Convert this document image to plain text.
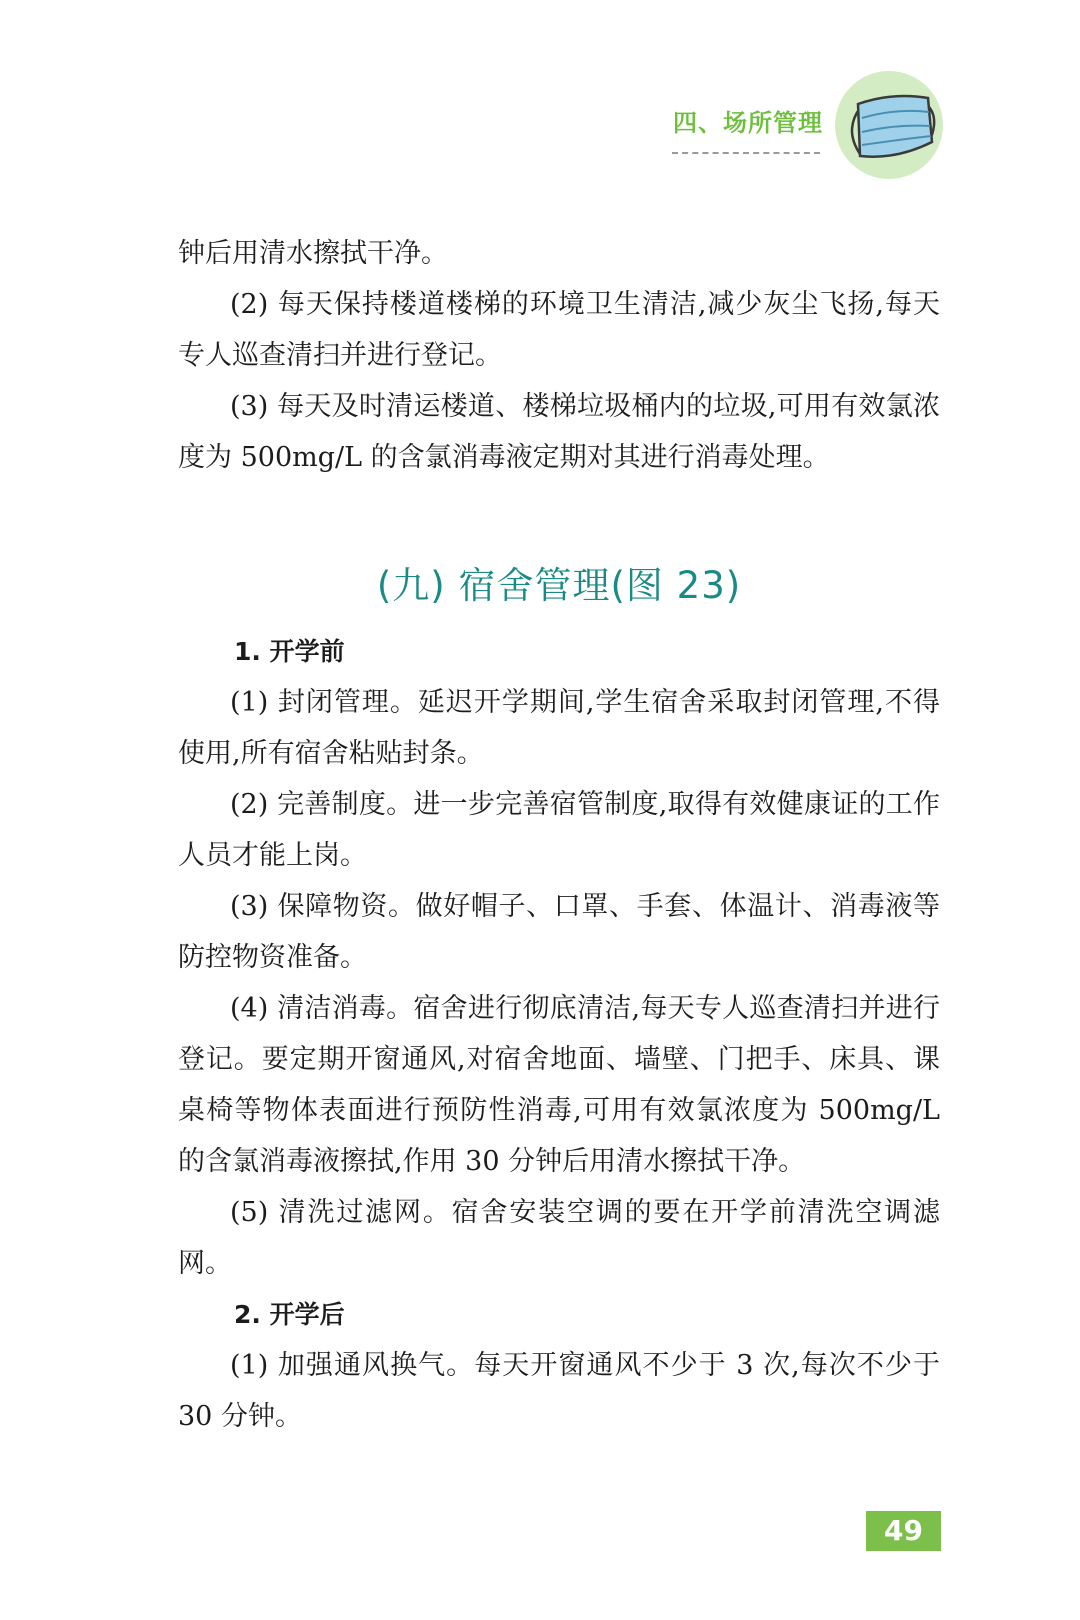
四、场所管理

钟后用清水擦拭干净。

(2) 每天保持楼道楼梯的环境卫生清洁,减少灰尘飞扬,每天专人巡查清扫并进行登记。

(3) 每天及时清运楼道、楼梯垃圾桶内的垃圾,可用有效氯浓度为 500mg/L 的含氯消毒液定期对其进行消毒处理。

(九) 宿舍管理(图 23)

1. 开学前

(1) 封闭管理。延迟开学期间,学生宿舍采取封闭管理,不得使用,所有宿舍粘贴封条。

(2) 完善制度。进一步完善宿管制度,取得有效健康证的工作人员才能上岗。

(3) 保障物资。做好帽子、口罩、手套、体温计、消毒液等防控物资准备。

(4) 清洁消毒。宿舍进行彻底清洁,每天专人巡查清扫并进行登记。要定期开窗通风,对宿舍地面、墙壁、门把手、床具、课桌椅等物体表面进行预防性消毒,可用有效氯浓度为 500mg/L 的含氯消毒液擦拭,作用 30 分钟后用清水擦拭干净。

(5) 清洗过滤网。宿舍安装空调的要在开学前清洗空调滤网。

2. 开学后

(1) 加强通风换气。每天开窗通风不少于 3 次,每次不少于 30 分钟。

49
